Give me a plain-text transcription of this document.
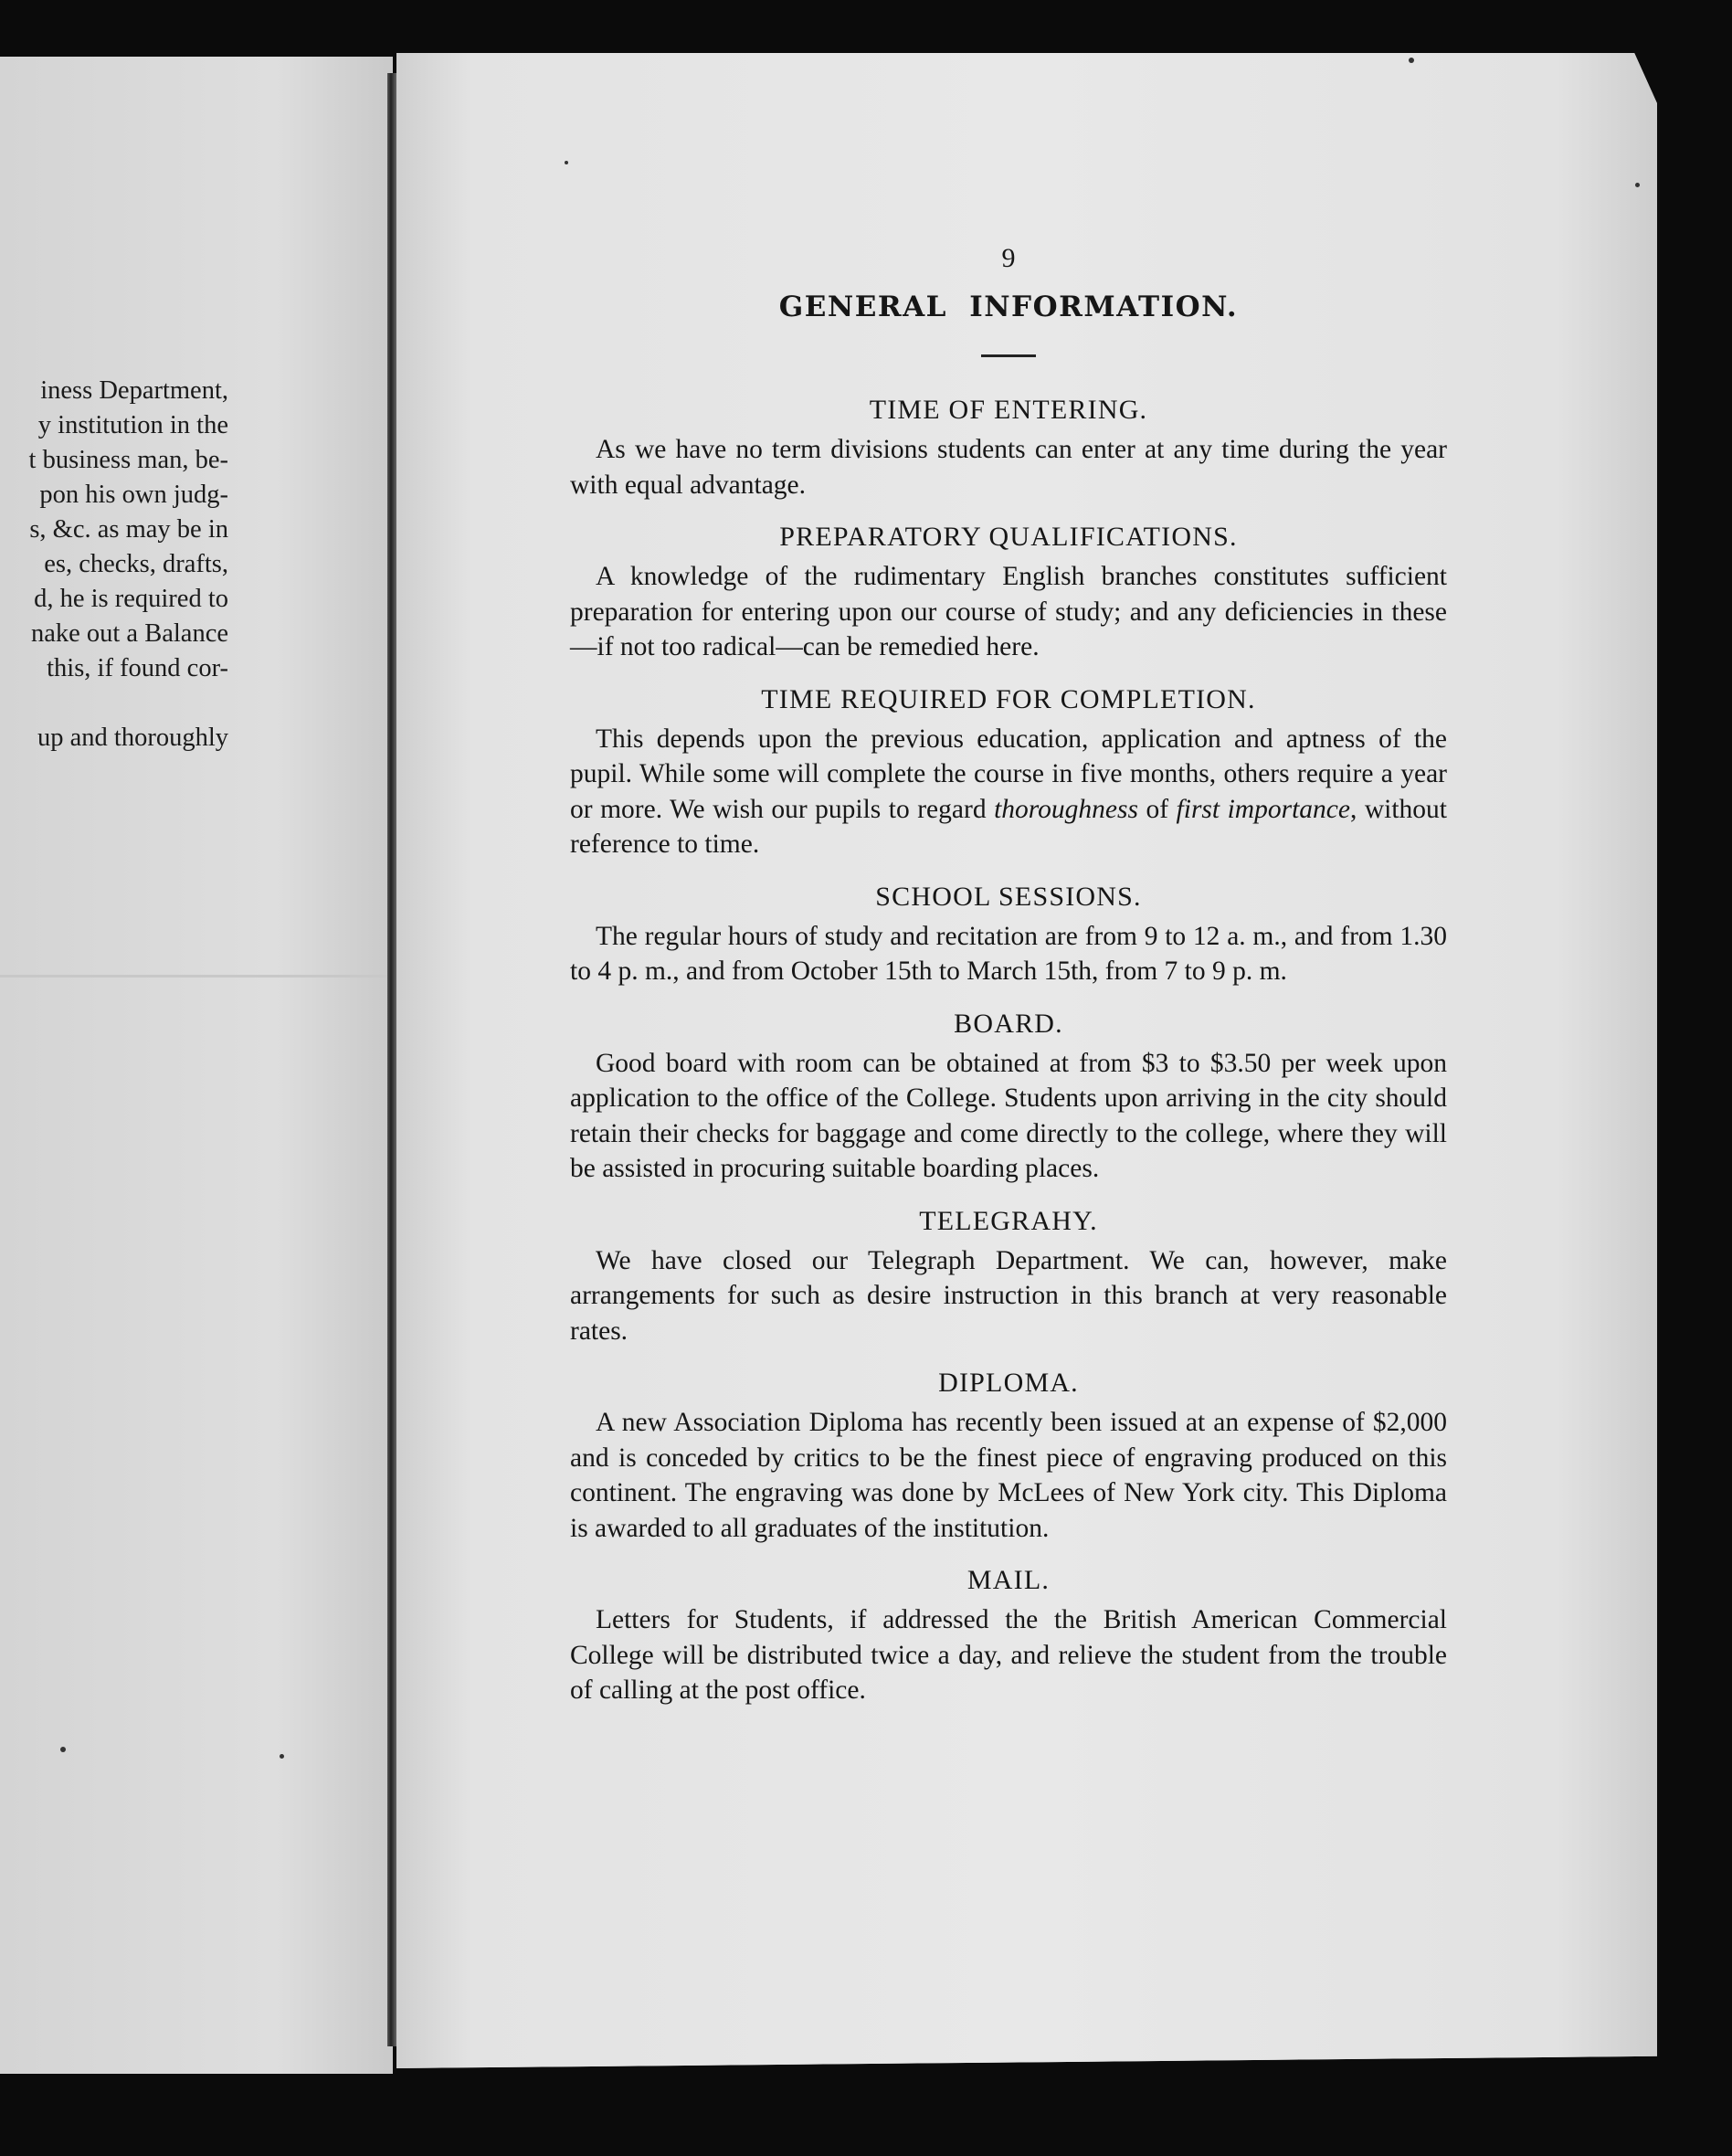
iness Department,
y institution in the
t business man, be-
pon his own judg-
s, &c. as may be in
es, checks, drafts,
d, he is required to
nake out a Balance
this, if found cor-
up and thoroughly
9
GENERAL INFORMATION.
TIME OF ENTERING.

As we have no term divisions students can enter at any time during the year with equal advantage.

PREPARATORY QUALIFICATIONS.

A knowledge of the rudimentary English branches constitutes sufficient preparation for entering upon our course of study; and any deficiencies in these—if not too radical—can be remedied here.

TIME REQUIRED FOR COMPLETION.

This depends upon the previous education, application and aptness of the pupil. While some will complete the course in five months, others require a year or more. We wish our pupils to regard thoroughness of first importance, without reference to time.

SCHOOL SESSIONS.

The regular hours of study and recitation are from 9 to 12 a. m., and from 1.30 to 4 p. m., and from October 15th to March 15th, from 7 to 9 p. m.

BOARD.

Good board with room can be obtained at from $3 to $3.50 per week upon application to the office of the College. Students upon arriving in the city should retain their checks for baggage and come directly to the college, where they will be assisted in procuring suitable boarding places.

TELEGRAHY.

We have closed our Telegraph Department. We can, however, make arrangements for such as desire instruction in this branch at very reasonable rates.

DIPLOMA.

A new Association Diploma has recently been issued at an expense of $2,000 and is conceded by critics to be the finest piece of engraving produced on this continent. The engraving was done by McLees of New York city. This Diploma is awarded to all graduates of the institution.

MAIL.

Letters for Students, if addressed the the British American Commercial College will be distributed twice a day, and relieve the student from the trouble of calling at the post office.
